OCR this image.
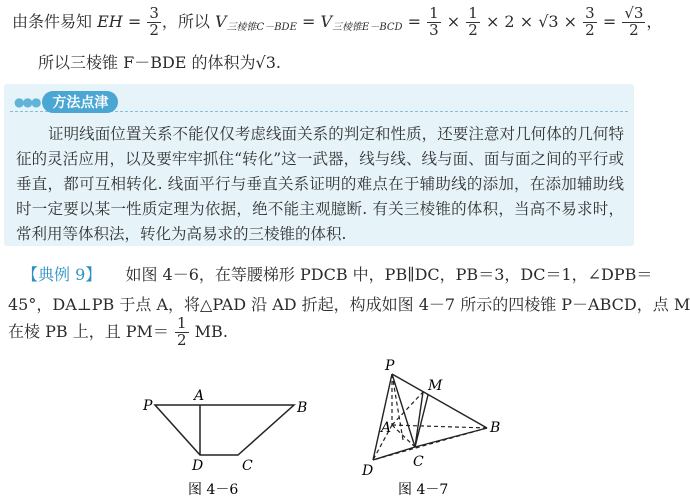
由条件易知 EH = $\frac{3}{2}$ ，所以 $V_{三棱锥C-BDE} = V_{三棱锥E-BCD} = \frac{1}{3} \times \frac{1}{2} \times 2 \times √3 \times \frac{3}{2} = \frac{√3}{2}$ ，
所以三棱锥 F－BDE 的体积为√3.
●●● 方法点津
证明线面位置关系不能仅仅考虑线面关系的判定和性质，还要注意对几何体的几何特征的灵活应用，以及要牢牢抓住“转化”这一武器，线与线、线与面、面与面之间的平行或垂直，都可互相转化. 线面平行与垂直关系证明的难点在于辅助线的添加，在添加辅助线时一定要以某一性质定理为依据，绝不能主观臆断. 有关三棱锥的体积，当高不易求时，常利用等体积法，转化为高易求的三棱锥的体积.
【典例 9】 如图 4－6，在等腰梯形 PDCB 中，PB∥DC，PB＝3，DC＝1，∠DPB＝
45°，DA⊥PB 于点 A，将△PAD 沿 AD 折起，构成如图 4－7 所示的四棱锥 P－ABCD，点 M
在棱 PB 上，且 $PM= \frac{1}{2}$ MB.
P
A
B
D	C
图 4－6
P
M
A	B
D
C
图 4－7
